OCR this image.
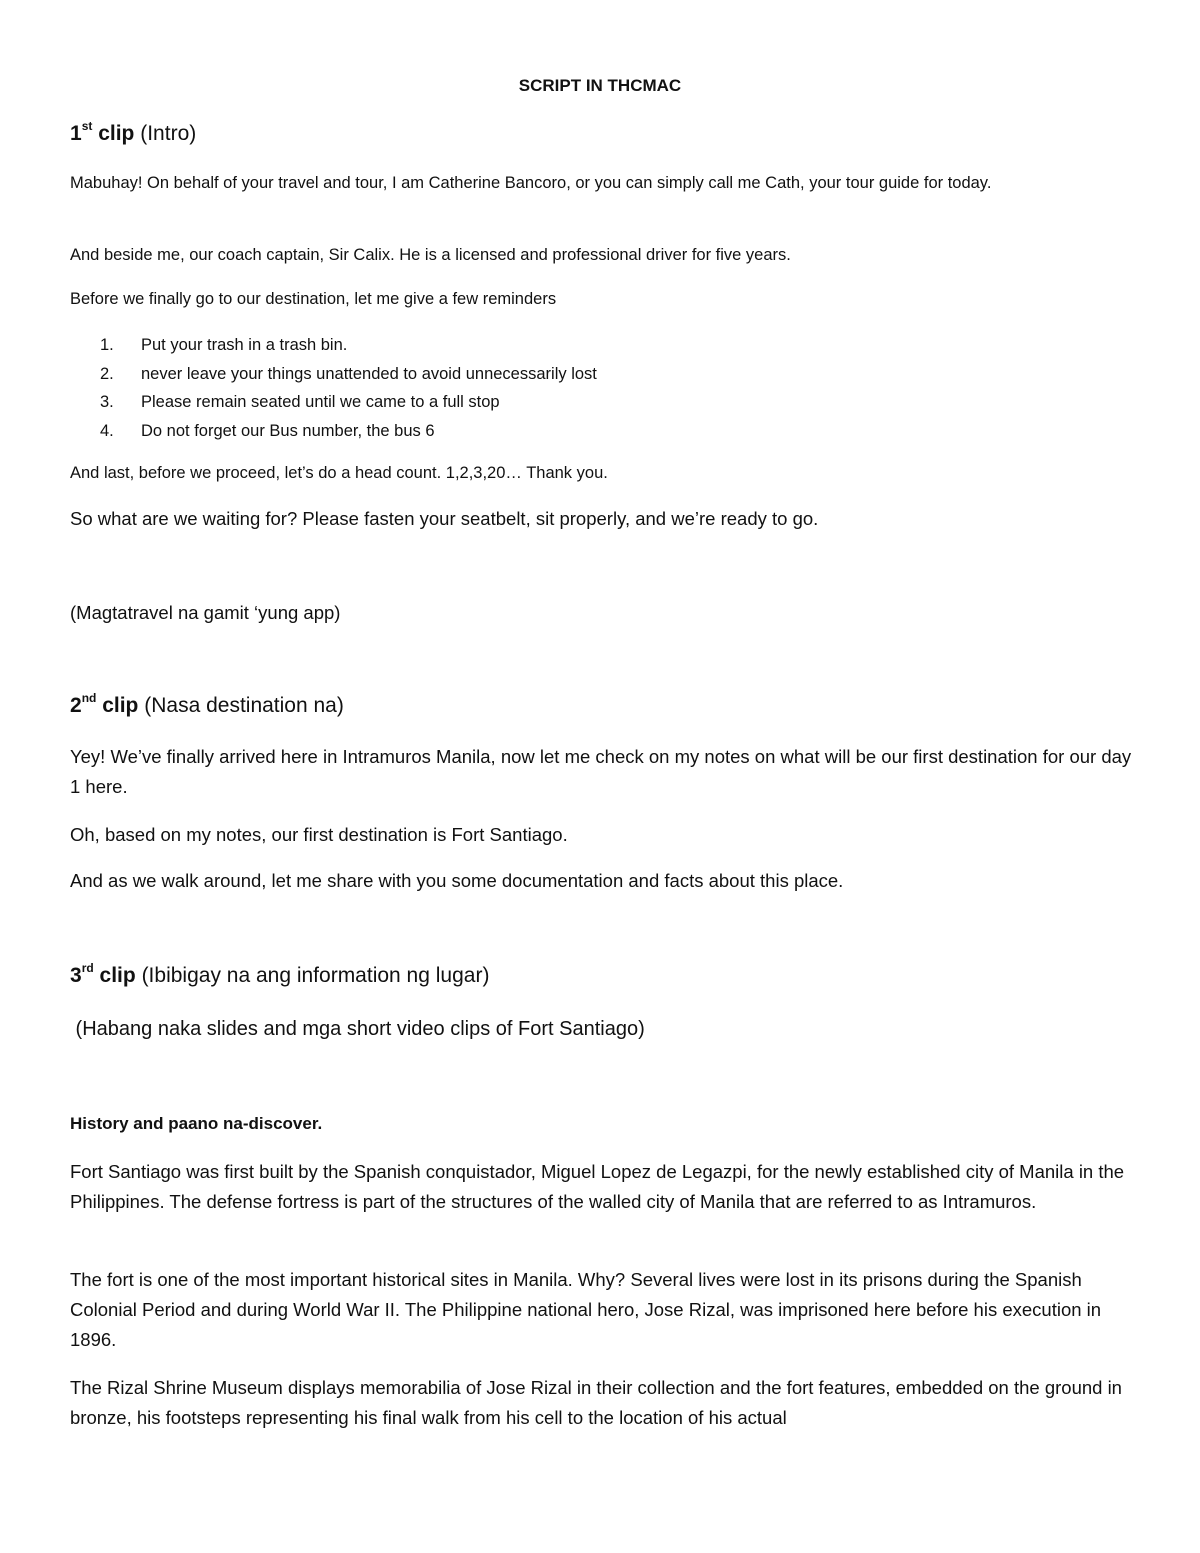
SCRIPT IN THCMAC

1st clip (Intro)

Mabuhay! On behalf of your travel and tour, I am Catherine Bancoro, or you can simply call me Cath, your tour guide for today.

And beside me, our coach captain, Sir Calix. He is a licensed and professional driver for five years.

Before we finally go to our destination, let me give a few reminders

1. Put your trash in a trash bin.
2. never leave your things unattended to avoid unnecessarily lost
3. Please remain seated until we came to a full stop
4. Do not forget our Bus number, the bus 6

And last, before we proceed, let’s do a head count. 1,2,3,20… Thank you.

So what are we waiting for? Please fasten your seatbelt, sit properly, and we’re ready to go.

(Magtatravel na gamit ‘yung app)

2nd clip (Nasa destination na)

Yey! We’ve finally arrived here in Intramuros Manila, now let me check on my notes on what will be our first destination for our day 1 here.

Oh, based on my notes, our first destination is Fort Santiago.

And as we walk around, let me share with you some documentation and facts about this place.

3rd clip (Ibibigay na ang information ng lugar)

(Habang naka slides and mga short video clips of Fort Santiago)

History and paano na-discover.

Fort Santiago was first built by the Spanish conquistador, Miguel Lopez de Legazpi, for the newly established city of Manila in the Philippines. The defense fortress is part of the structures of the walled city of Manila that are referred to as Intramuros.

The fort is one of the most important historical sites in Manila. Why? Several lives were lost in its prisons during the Spanish Colonial Period and during World War II. The Philippine national hero, Jose Rizal, was imprisoned here before his execution in 1896.

The Rizal Shrine Museum displays memorabilia of Jose Rizal in their collection and the fort features, embedded on the ground in bronze, his footsteps representing his final walk from his cell to the location of his actual
